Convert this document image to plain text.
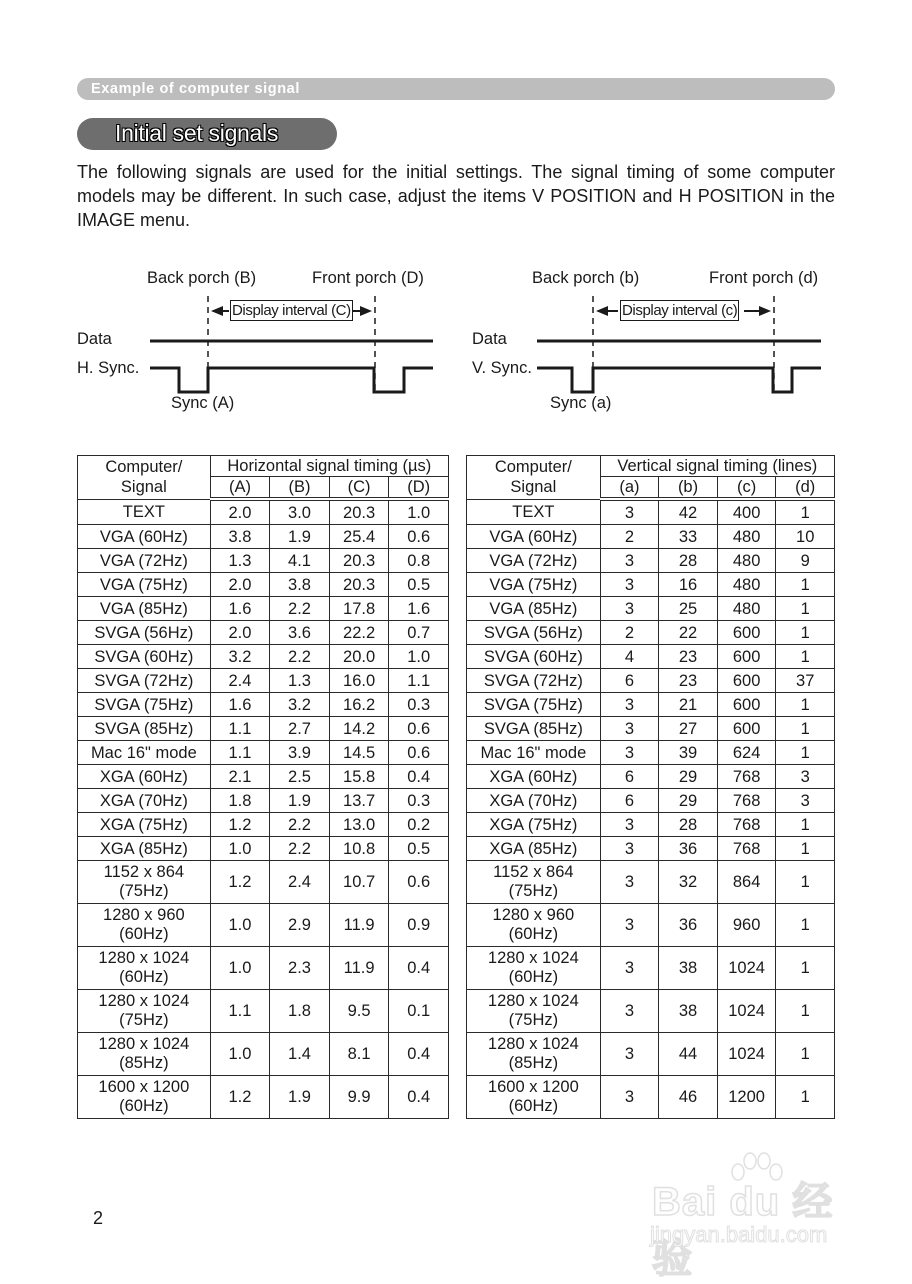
Example of computer signal
Initial set signals

The following signals are used for the initial settings. The signal timing of some computer models may be different. In such case, adjust the items V POSITION and H POSITION in the IMAGE menu.

Back porch (B)	Front porch (D)
Display interval (C)
Data
H. Sync.
Sync (A)
Back porch (b)	Front porch (d)
Display interval (c)
Data
V. Sync.
Sync (a)
Computer/
Signal	Horizontal signal timing (µs)			
	(A)	(B)	(C)	(D)

TEXT	2.0	3.0	20.3	1.0

VGA (60Hz)	3.8	1.9	25.4	0.6

VGA (72Hz)	1.3	4.1	20.3	0.8

VGA (75Hz)	2.0	3.8	20.3	0.5

VGA (85Hz)	1.6	2.2	17.8	1.6

SVGA (56Hz)	2.0	3.6	22.2	0.7

SVGA (60Hz)	3.2	2.2	20.0	1.0

SVGA (72Hz)	2.4	1.3	16.0	1.1

SVGA (75Hz)	1.6	3.2	16.2	0.3

SVGA (85Hz)	1.1	2.7	14.2	0.6

Mac 16" mode	1.1	3.9	14.5	0.6

XGA (60Hz)	2.1	2.5	15.8	0.4

XGA (70Hz)	1.8	1.9	13.7	0.3

XGA (75Hz)	1.2	2.2	13.0	0.2

XGA (85Hz)	1.0	2.2	10.8	0.5

1152 x 864
(75Hz)	1.2	2.4	10.7	0.6

1280 x 960
(60Hz)	1.0	2.9	11.9	0.9

1280 x 1024
(60Hz)	1.0	2.3	11.9	0.4

1280 x 1024
(75Hz)	1.1	1.8	9.5	0.1

1280 x 1024
(85Hz)	1.0	1.4	8.1	0.4

1600 x 1200
(60Hz)	1.2	1.9	9.9	0.4
Computer/
Signal	Vertical signal timing (lines)			
	(a)	(b)	(c)	(d)

TEXT	3	42	400	1

VGA (60Hz)	2	33	480	10

VGA (72Hz)	3	28	480	9

VGA (75Hz)	3	16	480	1

VGA (85Hz)	3	25	480	1

SVGA (56Hz)	2	22	600	1

SVGA (60Hz)	4	23	600	1

SVGA (72Hz)	6	23	600	37

SVGA (75Hz)	3	21	600	1

SVGA (85Hz)	3	27	600	1

Mac 16" mode	3	39	624	1

XGA (60Hz)	6	29	768	3

XGA (70Hz)	6	29	768	3

XGA (75Hz)	3	28	768	1

XGA (85Hz)	3	36	768	1

1152 x 864
(75Hz)	3	32	864	1

1280 x 960
(60Hz)	3	36	960	1

1280 x 1024
(60Hz)	3	38	1024	1

1280 x 1024
(75Hz)	3	38	1024	1

1280 x 1024
(85Hz)	3	44	1024	1

1600 x 1200
(60Hz)	3	46	1200	1
2	Bai du 经验
jingyan.baidu.com
